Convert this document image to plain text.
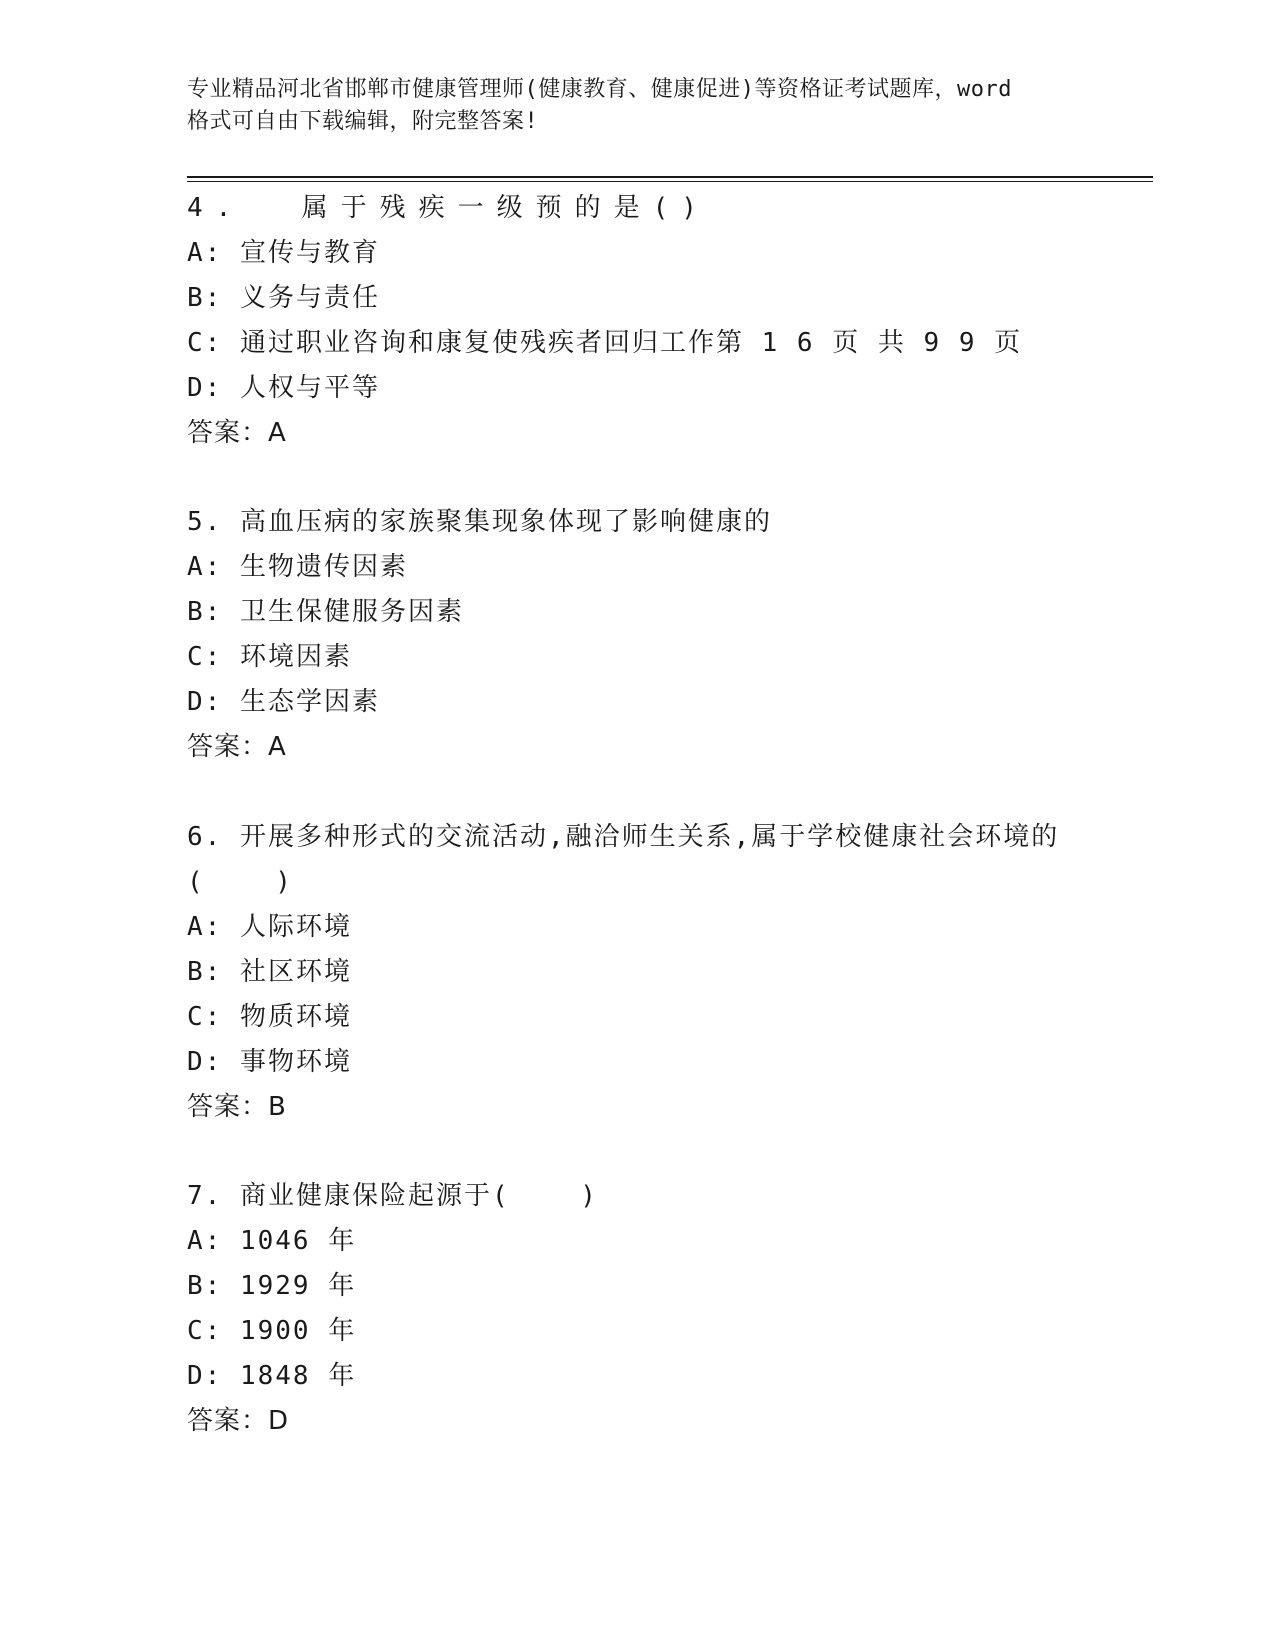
专业精品河北省邯郸市健康管理师(健康教育、健康促进)等资格证考试题库，word
格式可自由下载编辑，附完整答案!
4.  属于残疾一级预的是()
A: 宣传与教育
B: 义务与责任
C: 通过职业咨询和康复使残疾者回归工作第 1 6 页 共 9 9 页
D: 人权与平等
答案：A
5. 高血压病的家族聚集现象体现了影响健康的
A: 生物遗传因素
B: 卫生保健服务因素
C: 环境因素
D: 生态学因素
答案：A
6. 开展多种形式的交流活动,融洽师生关系,属于学校健康社会环境的
(    )
A: 人际环境
B: 社区环境
C: 物质环境
D: 事物环境
答案：B
7. 商业健康保险起源于(    )
A: 1046 年
B: 1929 年
C: 1900 年
D: 1848 年
答案：D
